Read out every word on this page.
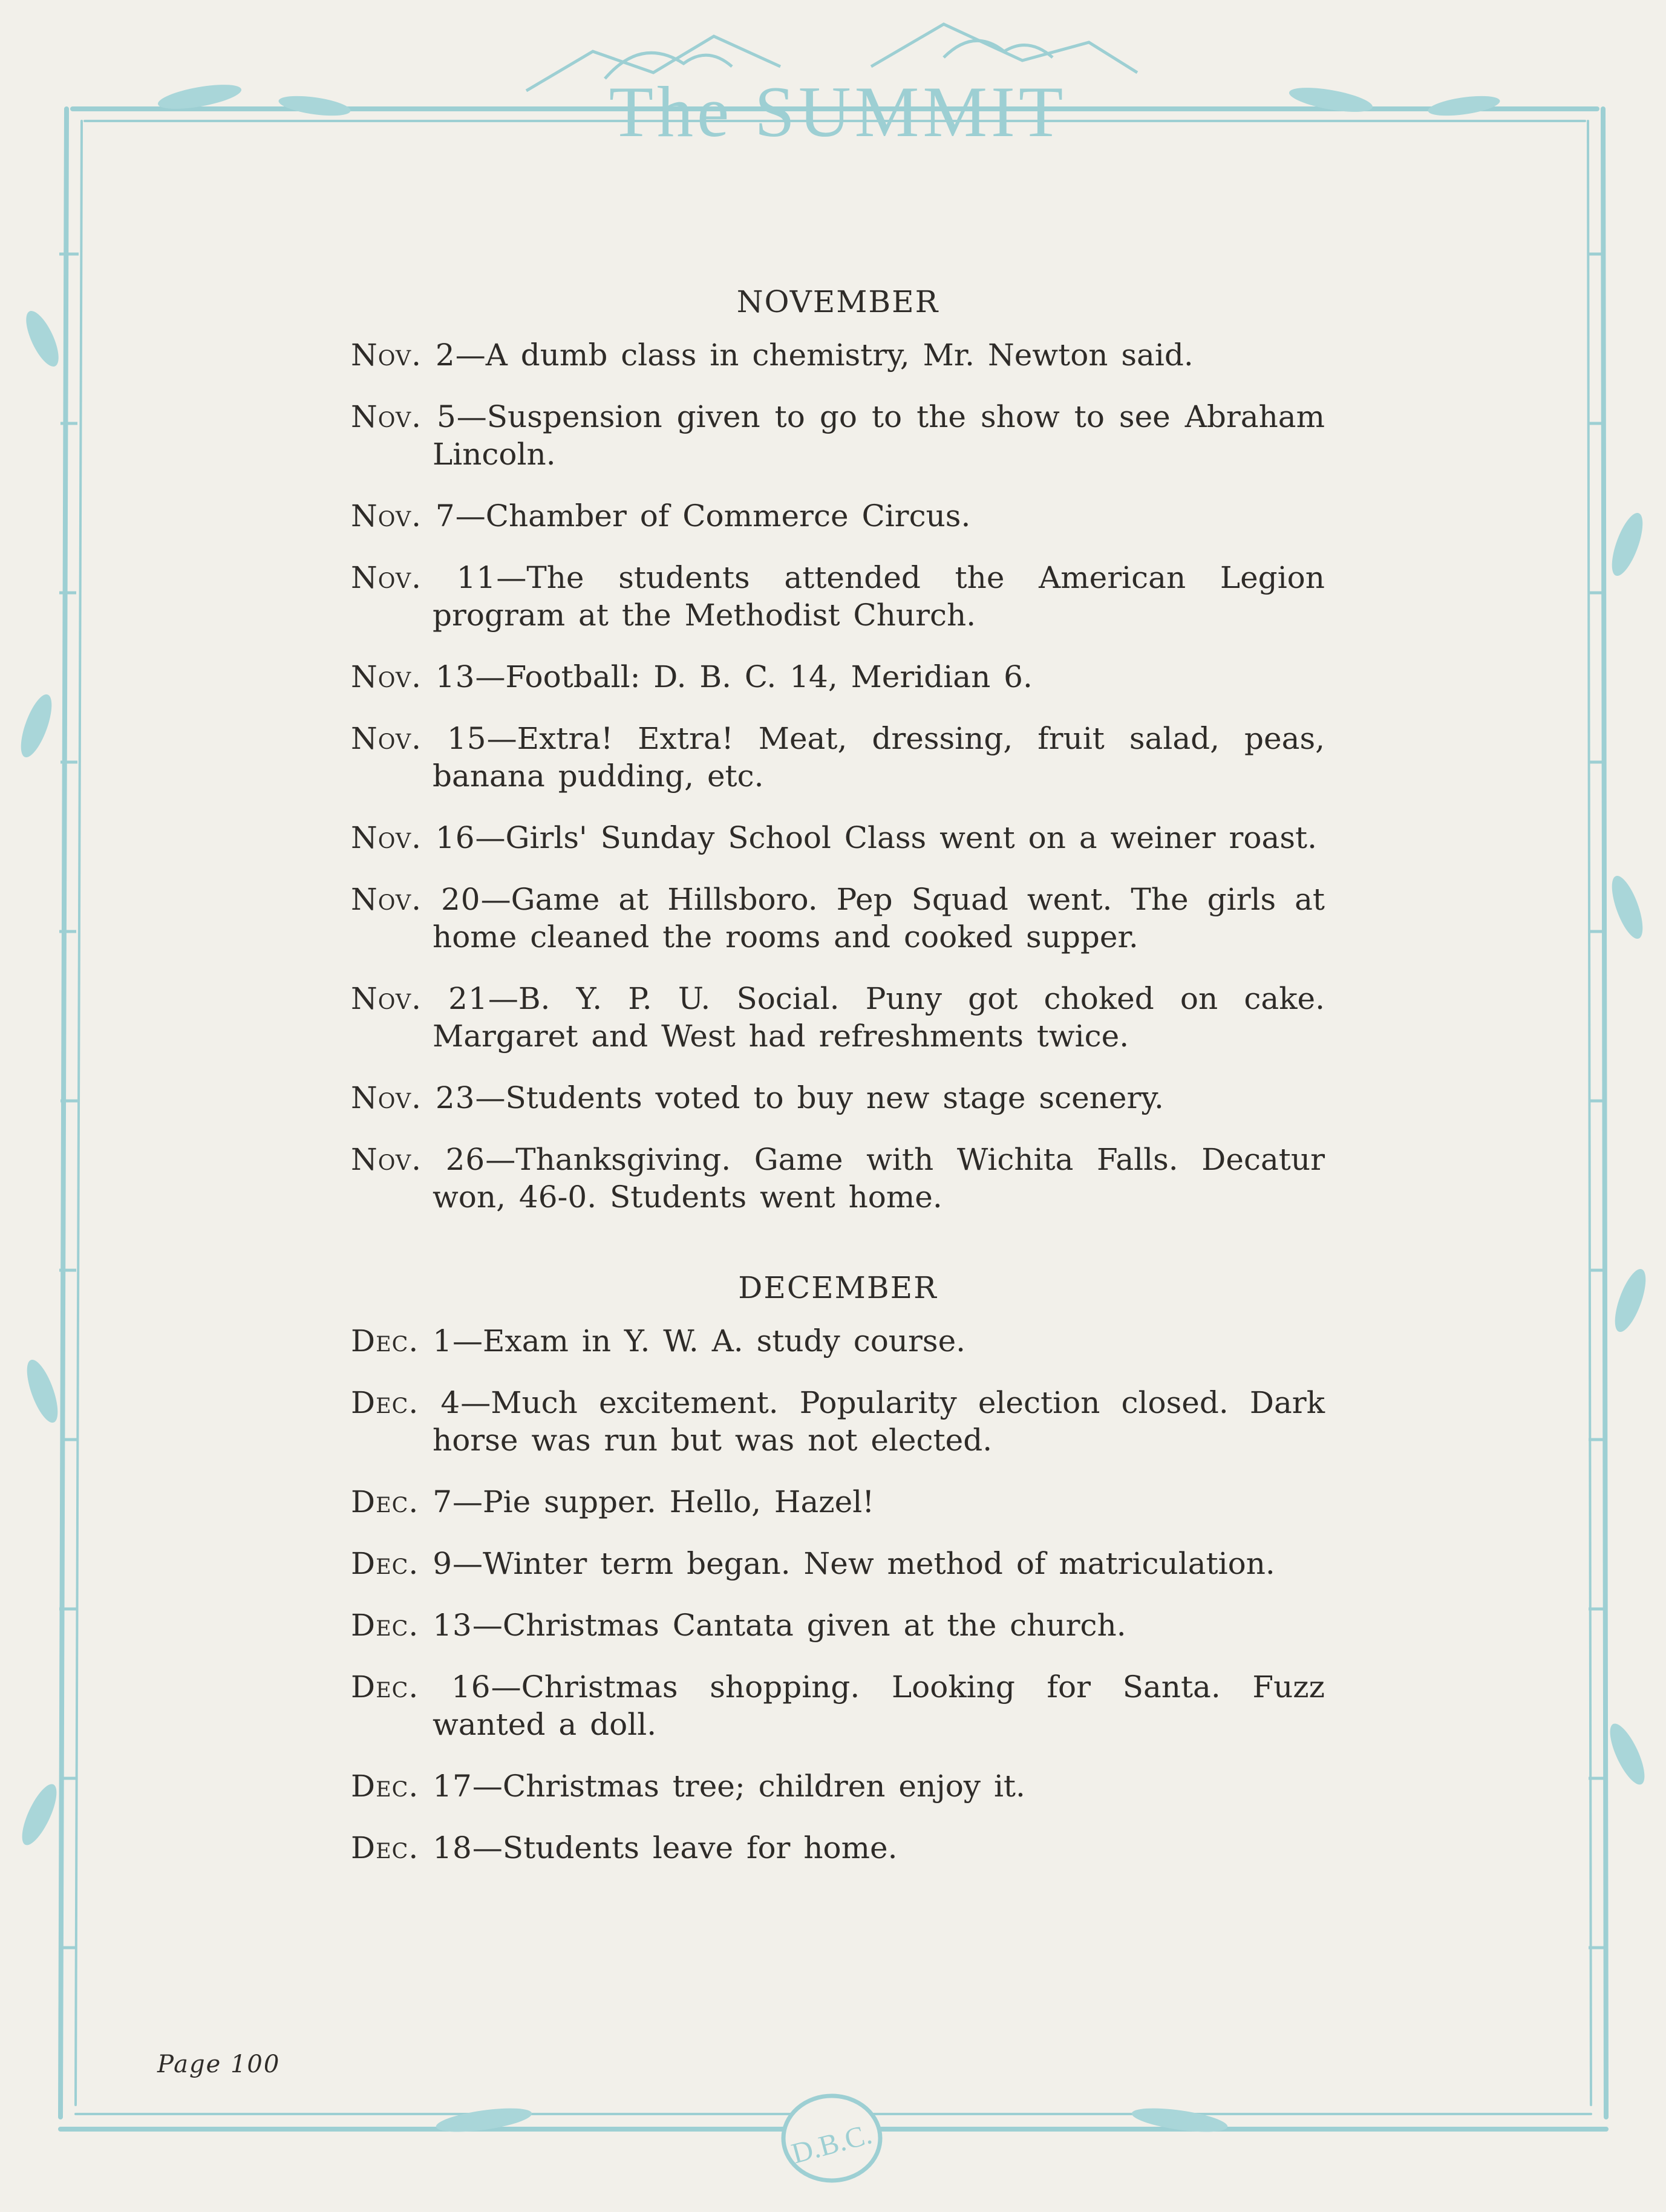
The SUMMIT
D.B.C.
NOVEMBER
Nov. 2—A dumb class in chemistry, Mr. Newton said.
Nov. 5—Suspension given to go to the show to see Abraham Lincoln.
Nov. 7—Chamber of Commerce Circus.
Nov. 11—The students attended the American Legion program at the Methodist Church.
Nov. 13—Football: D. B. C. 14, Meridian 6.
Nov. 15—Extra! Extra! Meat, dressing, fruit salad, peas, banana pudding, etc.
Nov. 16—Girls' Sunday School Class went on a weiner roast.
Nov. 20—Game at Hillsboro. Pep Squad went. The girls at home cleaned the rooms and cooked supper.
Nov. 21—B. Y. P. U. Social. Puny got choked on cake. Margaret and West had refreshments twice.
Nov. 23—Students voted to buy new stage scenery.
Nov. 26—Thanksgiving. Game with Wichita Falls. Decatur won, 46-0. Students went home.
DECEMBER
Dec. 1—Exam in Y. W. A. study course.
Dec. 4—Much excitement. Popularity election closed. Dark horse was run but was not elected.
Dec. 7—Pie supper. Hello, Hazel!
Dec. 9—Winter term began. New method of matriculation.
Dec. 13—Christmas Cantata given at the church.
Dec. 16—Christmas shopping. Looking for Santa. Fuzz wanted a doll.
Dec. 17—Christmas tree; children enjoy it.
Dec. 18—Students leave for home.
Page 100
